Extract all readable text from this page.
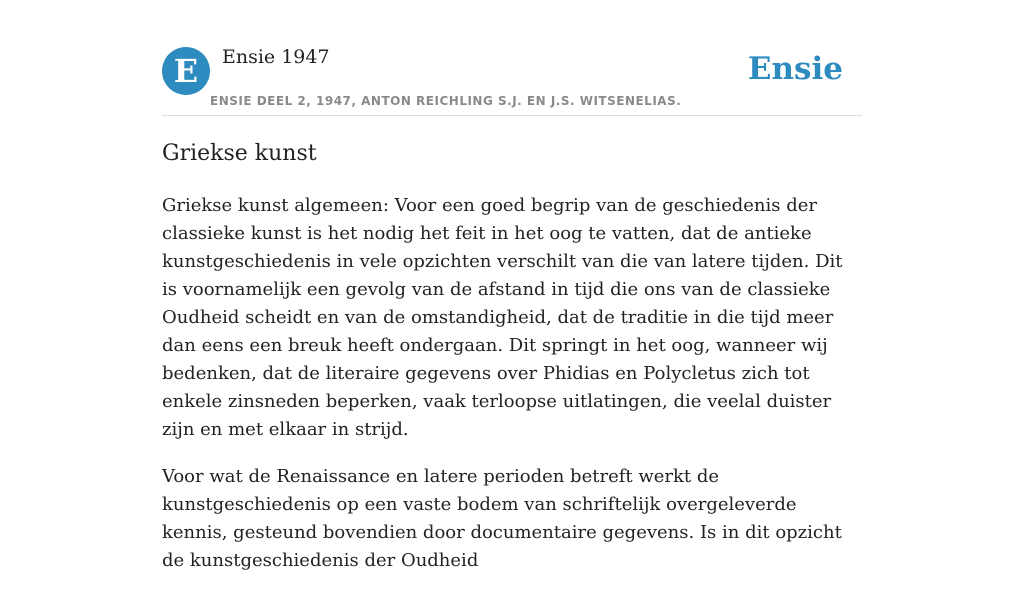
E	Ensie 1947
ENSIE DEEL 2, 1947, ANTON REICHLING S.J. EN J.S. WITSENELIAS.
Ensie
Griekse kunst

Griekse kunst algemeen: Voor een goed begrip van de geschiedenis der classieke kunst is het nodig het feit in het oog te vatten, dat de antieke kunstgeschiedenis in vele opzichten verschilt van die van latere tijden. Dit is voornamelijk een gevolg van de afstand in tijd die ons van de classieke Oudheid scheidt en van de omstandigheid, dat de traditie in die tijd meer dan eens een breuk heeft ondergaan. Dit springt in het oog, wanneer wij bedenken, dat de literaire gegevens over Phidias en Polycletus zich tot enkele zinsneden beperken, vaak terloopse uitlatingen, die veelal duister zijn en met elkaar in strijd.

Voor wat de Renaissance en latere perioden betreft werkt de kunstgeschiedenis op een vaste bodem van schriftelijk overgeleverde kennis, gesteund bovendien door documentaire gegevens. Is in dit opzicht de kunstgeschiedenis der Oudheid
